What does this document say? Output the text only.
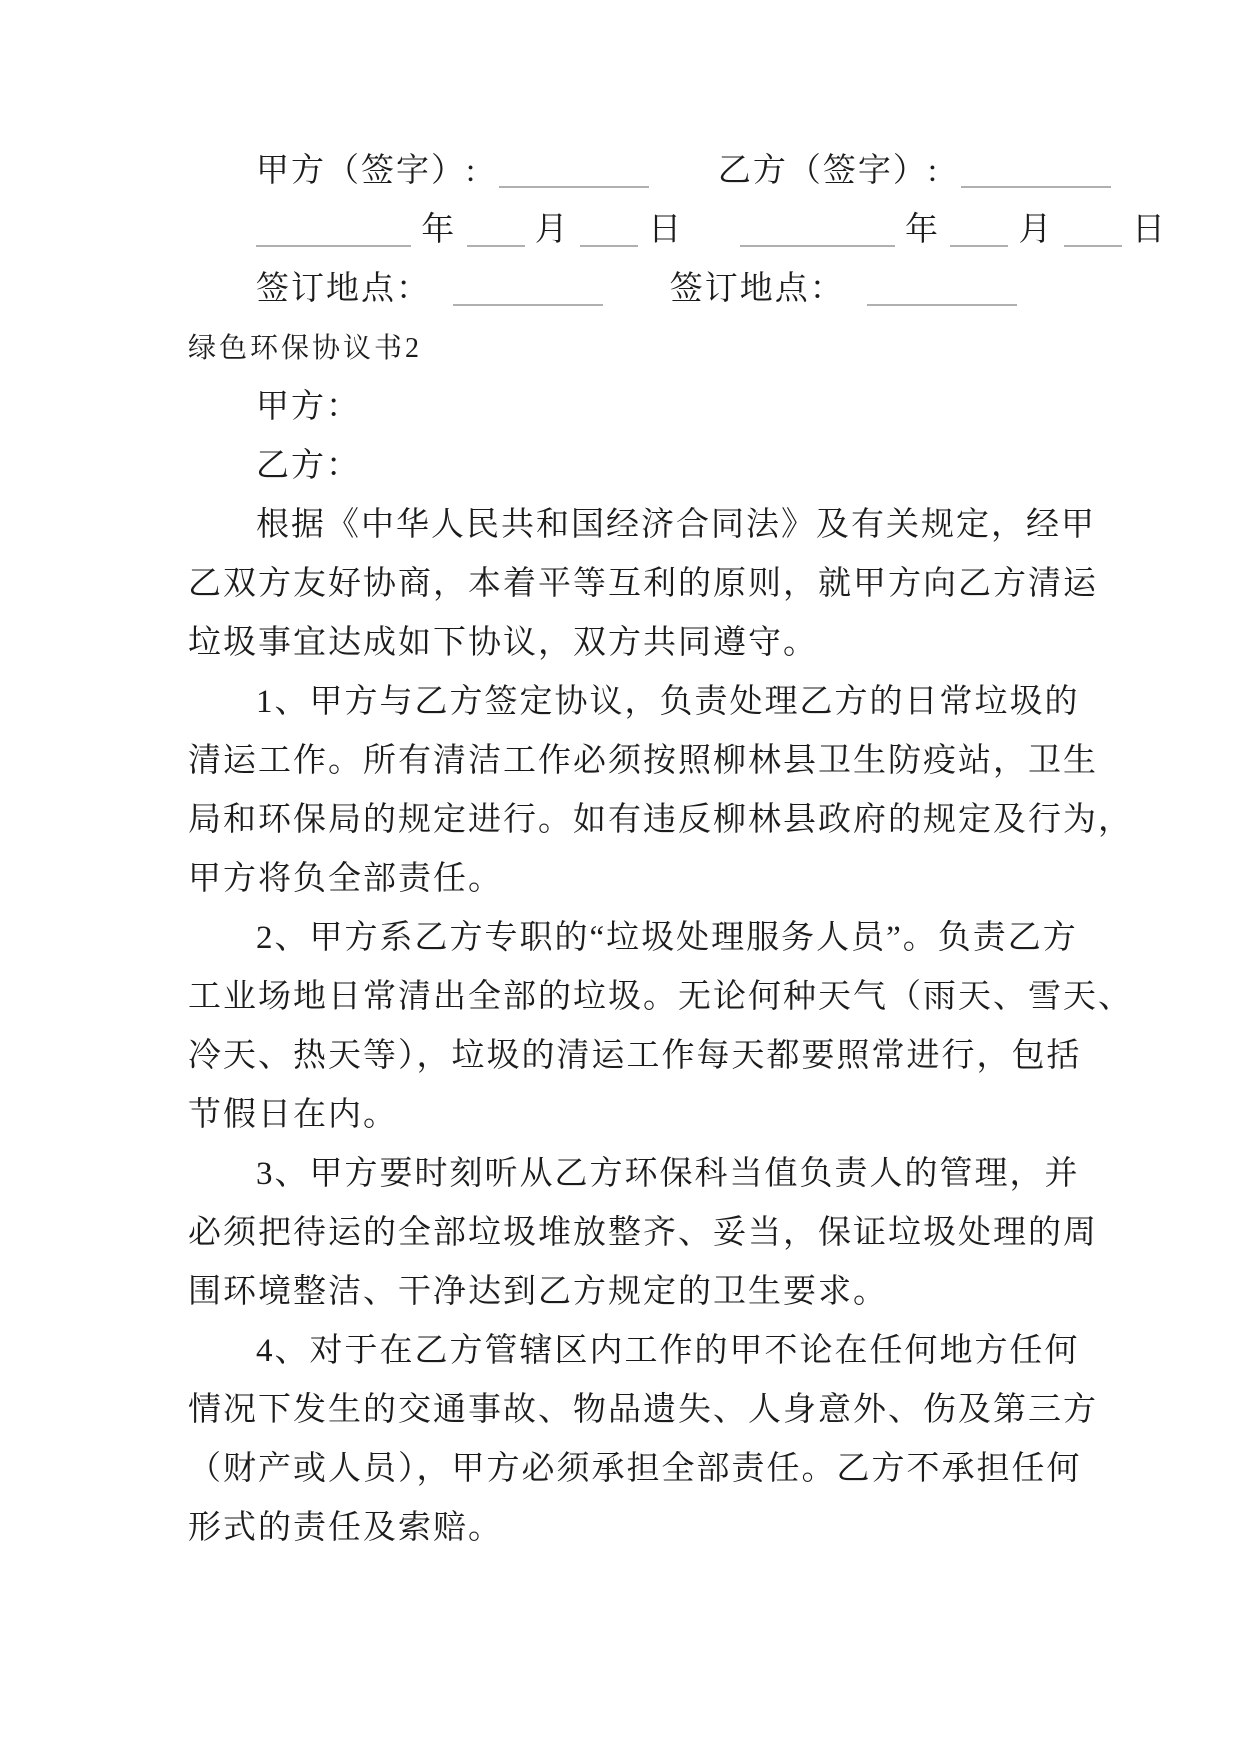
甲方（签字）:	乙方（签字）:
年 月 日	年 月 日
签订地点：	签订地点：
绿色环保协议书2
甲方：
乙方：
根据《中华人民共和国经济合同法》及有关规定，经甲
乙双方友好协商，本着平等互利的原则，就甲方向乙方清运
垃圾事宜达成如下协议，双方共同遵守。
1、甲方与乙方签定协议，负责处理乙方的日常垃圾的
清运工作。所有清洁工作必须按照柳林县卫生防疫站，卫生
局和环保局的规定进行。如有违反柳林县政府的规定及行为，
甲方将负全部责任。
2、甲方系乙方专职的“垃圾处理服务人员”。负责乙方
工业场地日常清出全部的垃圾。无论何种天气（雨天、雪天、
冷天、热天等），垃圾的清运工作每天都要照常进行，包括
节假日在内。
3、甲方要时刻听从乙方环保科当值负责人的管理，并
必须把待运的全部垃圾堆放整齐、妥当，保证垃圾处理的周
围环境整洁、干净达到乙方规定的卫生要求。
4、对于在乙方管辖区内工作的甲不论在任何地方任何
情况下发生的交通事故、物品遗失、人身意外、伤及第三方
（财产或人员），甲方必须承担全部责任。乙方不承担任何
形式的责任及索赔。
